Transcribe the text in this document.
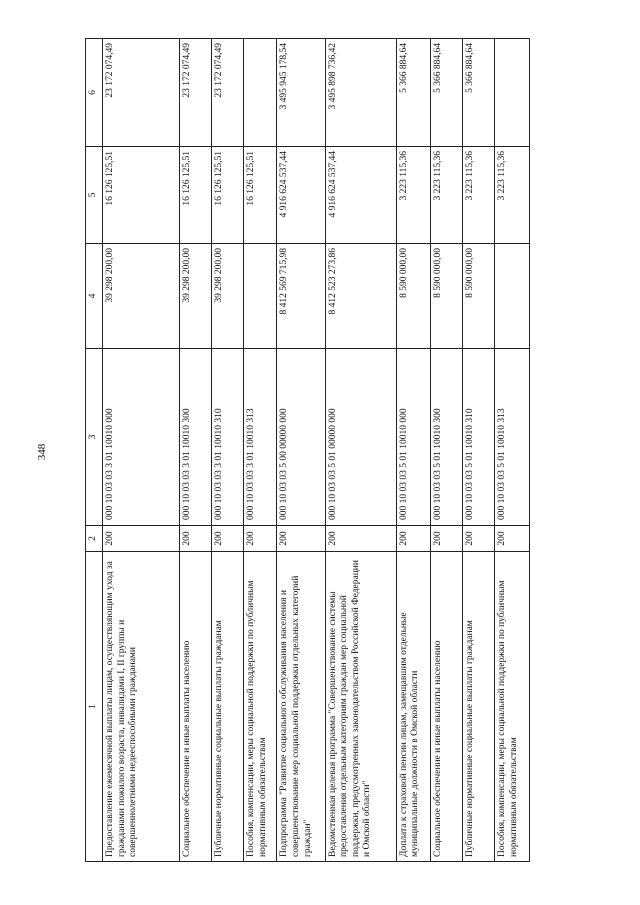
348
1	2	3	4	5	6
Предоставление ежемесячной выплаты лицам, осуществляющим уход за гражданами пожилого возраста, инвалидами I, II группы и совершеннолетними недееспособными гражданами	200	000 10 03 03 3 01 10010 000	39 298 200,00	16 126 125,51	23 172 074,49
Социальное обеспечение и иные выплаты населению	200	000 10 03 03 3 01 10010 300	39 298 200,00	16 126 125,51	23 172 074,49
Публичные нормативные социальные выплаты гражданам	200	000 10 03 03 3 01 10010 310	39 298 200,00	16 126 125,51	23 172 074,49
Пособия, компенсации, меры социальной поддержки по публичным нормативным обязательствам	200	000 10 03 03 3 01 10010 313		16 126 125,51	
Подпрограмма "Развитие социального обслуживания населения и совершенствование мер социальной поддержки отдельных категорий граждан"	200	000 10 03 03 5 00 00000 000	8 412 569 715,98	4 916 624 537,44	3 495 945 178,54
Ведомственная целевая программа "Совершенствование системы предоставления отдельным категориям граждан мер социальной поддержки, предусмотренных законодательством Российской Федерации и Омской области"	200	000 10 03 03 5 01 00000 000	8 412 523 273,86	4 916 624 537,44	3 495 898 736,42
Доплата к страховой пенсии лицам, замещавшим отдельные муниципальные должности в Омской области	200	000 10 03 03 5 01 10010 000	8 590 000,00	3 223 115,36	5 366 884,64
Социальное обеспечение и иные выплаты населению	200	000 10 03 03 5 01 10010 300	8 590 000,00	3 223 115,36	5 366 884,64
Публичные нормативные социальные выплаты гражданам	200	000 10 03 03 5 01 10010 310	8 590 000,00	3 223 115,36	5 366 884,64
Пособия, компенсации, меры социальной поддержки по публичным нормативным обязательствам	200	000 10 03 03 5 01 10010 313		3 223 115,36	
